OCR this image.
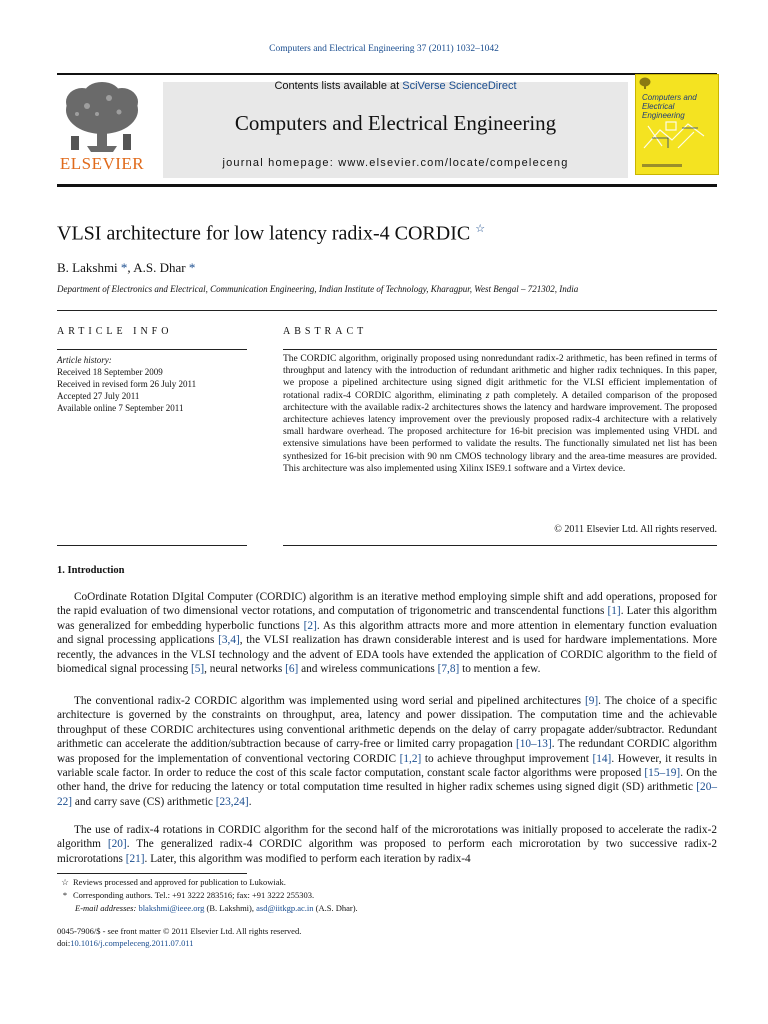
Computers and Electrical Engineering 37 (2011) 1032–1042
ELSEVIER
Contents lists available at SciVerse ScienceDirect
Computers and Electrical Engineering
journal homepage: www.elsevier.com/locate/compeleceng
Computers and Electrical Engineering
VLSI architecture for low latency radix-4 CORDIC ☆
B. Lakshmi *, A.S. Dhar *
Department of Electronics and Electrical, Communication Engineering, Indian Institute of Technology, Kharagpur, West Bengal – 721302, India
ARTICLE INFO
Article history:
Received 18 September 2009
Received in revised form 26 July 2011
Accepted 27 July 2011
Available online 7 September 2011
ABSTRACT
The CORDIC algorithm, originally proposed using nonredundant radix-2 arithmetic, has been refined in terms of throughput and latency with the introduction of redundant arithmetic and higher radix techniques. In this paper, we propose a pipelined architecture using signed digit arithmetic for the VLSI efficient implementation of rotational radix-4 CORDIC algorithm, eliminating z path completely. A detailed comparison of the proposed architecture with the available radix-2 architectures shows the latency and hardware improvement. The proposed architecture achieves latency improvement over the previously proposed radix-4 architecture with a relatively small hardware overhead. The proposed architecture for 16-bit precision was implemented using VHDL and extensive simulations have been performed to validate the results. The functionally simulated net list has been synthesized for 16-bit precision with 90 nm CMOS technology library and the area-time measures are provided. This architecture was also implemented using Xilinx ISE9.1 software and a Virtex device.
© 2011 Elsevier Ltd. All rights reserved.
1. Introduction
CoOrdinate Rotation DIgital Computer (CORDIC) algorithm is an iterative method employing simple shift and add operations, proposed for the rapid evaluation of two dimensional vector rotations, and computation of trigonometric and transcendental functions [1]. Later this algorithm was generalized for embedding hyperbolic functions [2]. As this algorithm attracts more and more attention in elementary function evaluation and signal processing applications [3,4], the VLSI realization has drawn considerable interest and is used for hardware implementations. More recently, the advances in the VLSI technology and the advent of EDA tools have extended the application of CORDIC algorithm to the field of biomedical signal processing [5], neural networks [6] and wireless communications [7,8] to mention a few.
The conventional radix-2 CORDIC algorithm was implemented using word serial and pipelined architectures [9]. The choice of a specific architecture is governed by the constraints on throughput, area, latency and power dissipation. The computation time and the achievable throughput of these CORDIC architectures using conventional arithmetic depends on the delay of carry propagate adder/subtractor. Redundant arithmetic can accelerate the addition/subtraction because of carry-free or limited carry propagation [10–13]. The redundant CORDIC algorithm was proposed for the implementation of conventional vectoring CORDIC [1,2] to achieve throughput improvement [14]. However, it results in variable scale factor. In order to reduce the cost of this scale factor computation, constant scale factor algorithms were proposed [15–19]. On the other hand, the drive for reducing the latency or total computation time resulted in higher radix schemes using signed digit (SD) arithmetic [20–22] and carry save (CS) arithmetic [23,24].
The use of radix-4 rotations in CORDIC algorithm for the second half of the microrotations was initially proposed to accelerate the radix-2 algorithm [20]. The generalized radix-4 CORDIC algorithm was proposed to perform each microrotation by two successive radix-2 microrotations [21]. Later, this algorithm was modified to perform each iteration by radix-4
☆ Reviews processed and approved for publication to Lukowiak.
* Corresponding authors. Tel.: +91 3222 283516; fax: +91 3222 255303.
E-mail addresses: blakshmi@ieee.org (B. Lakshmi), asd@iitkgp.ac.in (A.S. Dhar).
0045-7906/$ - see front matter © 2011 Elsevier Ltd. All rights reserved.
doi:10.1016/j.compeleceng.2011.07.011
